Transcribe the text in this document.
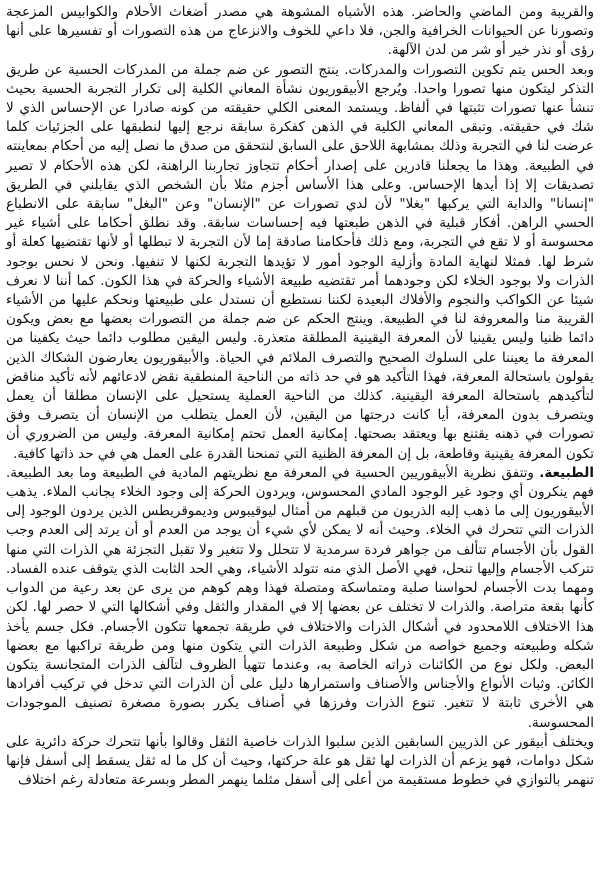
والقريبة ومن الماضي والحاضر. هذه الأشباه المشوهة هي مصدر أضغاث الأحلام والكوابيس المزعجة وتصورنا عن الحيوانات الخرافية والجن، فلا داعي للخوف والانزعاج من هذه التصورات أو تفسيرها على أنها رؤى أو نذر خير أو شر من لدن الآلهة.

وبعد الحس يتم تكوين التصورات والمدركات. ينتج التصور عن ضم جملة من المدركات الحسية عن طريق التذكر ليتكون منها تصورا واحدا. ويُرجع الأبيقوريون نشأة المعاني الكلية إلى تكرار التجربة الحسية بحيث تنشأ عنها تصورات تثبتها في ألفاظ. ويستمد المعنى الكلي حقيقته من كونه صادرا عن الإحساس الذي لا شك في حقيقته. وتبقى المعاني الكلية في الذهن كفكرة سابقة نرجع إليها لنطبقها على الجزئيات كلما عرضت لنا في التجربة وذلك بمشابهة اللاحق على السابق لنتحقق من صدق ما نصل إليه من أحكام بمعاينته في الطبيعة. وهذا ما يجعلنا قادرين على إصدار أحكام تتجاوز تجاربنا الراهنة، لكن هذه الأحكام لا تصير تصديقات إلا إذا أيدها الإحساس. وعلى هذا الأساس أجزم مثلا بأن الشخص الذي يقابلني في الطريق "إنسانا" والدابة التي يركبها "بغلا" لأن لدي تصورات عن "الإنسان" وعن "البغل" سابقة على الانطباع الحسي الراهن. أفكار قبلية في الذهن طبعتها فيه إحساسات سابقة. وقد نطلق أحكاما على أشياء غير محسوسة أو لا تقع في التجربة، ومع ذلك فأحكامنا صادقة إما لأن التجربة لا تبطلها أو لأنها تقتضيها كعلة أو شرط لها. فمثلا لنهاية المادة وأزلية الوجود أمور لا تؤيدها التجربة لكنها لا تنفيها. ونحن لا نحس بوجود الذرات ولا بوجود الخلاء لكن وجودهما أمر تقتضيه طبيعة الأشياء والحركة في هذا الكون. كما أننا لا نعرف شيئا عن الكواكب والنجوم والأفلاك البعيدة لكننا نستطيع أن نستدل على طبيعتها ونحكم عليها من الأشياء القريبة منا والمعروفة لنا في الطبيعة. وينتج الحكم عن ضم جملة من التصورات بعضها مع بعض ويكون دائما ظنيا وليس يقينيا لأن المعرفة اليقينية المطلقة متعذرة. وليس اليقين مطلوب دائما حيث يكفينا من المعرفة ما يعيننا على السلوك الصحيح والتصرف الملائم في الحياة. والأبيقوريون يعارضون الشكاك الذين يقولون باستحالة المعرفة، فهذا التأكيد هو في حد ذاته من الناحية المنطقية نقض لادعائهم لأنه تأكيد مناقض لتأكيدهم باستحالة المعرفة اليقينية. كذلك من الناحية العملية يستحيل على الإنسان مطلقا أن يعمل ويتصرف بدون المعرفة، أيا كانت درجتها من اليقين، لأن العمل يتطلب من الإنسان أن يتصرف وفق تصورات في ذهنه يقتنع بها ويعتقد بصحتها. إمكانية العمل تحتم إمكانية المعرفة. وليس من الضروري أن تكون المعرفة يقينية وقاطعة، بل إن المعرفة الظنية التي تمنحنا القدرة على العمل هي في حد ذاتها كافية.

الطبيعة. وتتفق نظرية الأبيقوريين الحسية في المعرفة مع نظريتهم المادية في الطبيعة وما بعد الطبيعة. فهم ينكرون أي وجود غير الوجود المادي المحسوس، ويردون الحركة إلى وجود الخلاء بجانب الملاء. يذهب الأبيقوريون إلى ما ذهب إليه الذريون من قبلهم من أمثال ليوقيبوس وديموقريطس الذين يردون الوجود إلى الذرات التي تتحرك في الخلاء. وحيث أنه لا يمكن لأي شيء أن يوجد من العدم أو أن يرتد إلى العدم وجب القول بأن الأجسام تتألف من جواهر فردة سرمدية لا تتحلل ولا تتغير ولا تقبل التجزئة هي الذرات التي منها تتركب الأجسام وإليها تنحل، فهي الأصل الذي منه تتولد الأشياء، وهي الحد الثابت الذي يتوقف عنده الفساد. ومهما بدت الأجسام لحواسنا صلبة ومتماسكة ومتصلة فهذا وهم كوهم من يرى عن بعد رعية من الدواب كأنها بقعة متراصة. والذرات لا تختلف عن بعضها إلا في المقدار والثقل وفي أشكالها التي لا حصر لها. لكن هذا الاختلاف اللامحدود في أشكال الذرات والاختلاف في طريقة تجمعها تتكون الأجسام. فكل جسم يأخذ شكله وطبيعته وجميع خواصه من شكل وطبيعة الذرات التي يتكون منها ومن طريقة تراكبها مع بعضها البعض. ولكل نوع من الكائنات ذراته الخاصة به، وعندما تتهيأ الظروف لتآلف الذرات المتجانسة يتكون الكائن. وثبات الأنواع والأجناس والأصناف واستمرارها دليل على أن الذرات التي تدخل في تركيب أفرادها هي الأخرى ثابتة لا تتغير. تنوع الذرات وفرزها في أصناف يكرر بصورة مصغرة تصنيف الموجودات المحسوسة.

ويختلف أبيقور عن الذريين السابقين الذين سلبوا الذرات خاصية الثقل وقالوا بأنها تتحرك حركة دائرية على شكل دوامات، فهو يزعم أن الذرات لها ثقل هو علة حركتها، وحيث أن كل ما له ثقل يسقط إلى أسفل فإنها تنهمر بالتوازي في خطوط مستقيمة من أعلى إلى أسفل مثلما ينهمر المطر وبسرعة متعادلة رغم اختلاف
